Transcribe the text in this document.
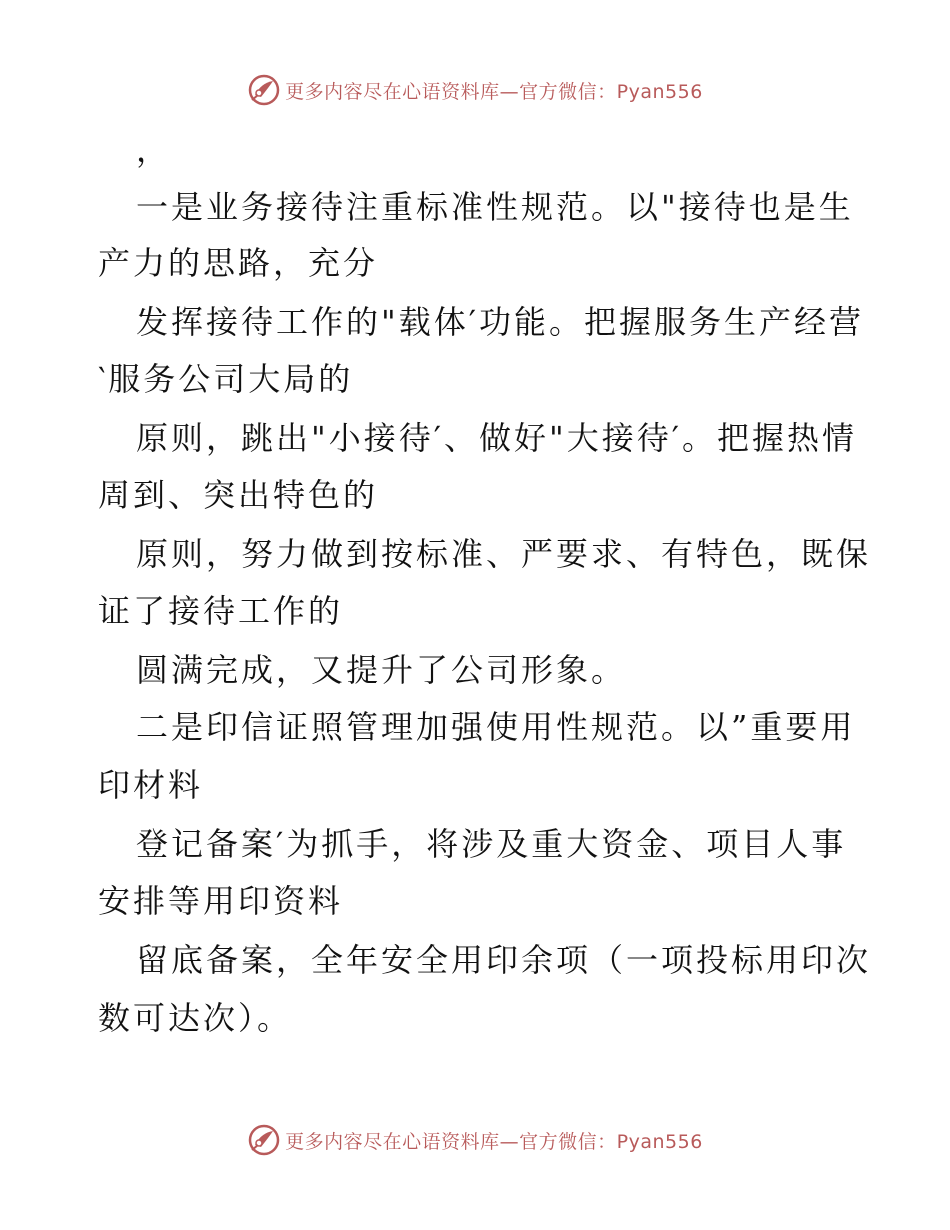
更多内容尽在心语资料库—官方微信：Pyan556
，
一是业务接待注重标准性规范。以"接待也是生
产力的思路，充分
发挥接待工作的"载体′功能。把握服务生产经营
‵服务公司大局的
原则，跳出"小接待′、做好"大接待′。把握热情
周到、突出特色的
原则，努力做到按标准、严要求、有特色，既保
证了接待工作的
圆满完成，又提升了公司形象。
二是印信证照管理加强使用性规范。以”重要用
印材料
登记备案′为抓手，将涉及重大资金、项目人事
安排等用印资料
留底备案，全年安全用印余项（一项投标用印次
数可达次）。
更多内容尽在心语资料库—官方微信：Pyan556
